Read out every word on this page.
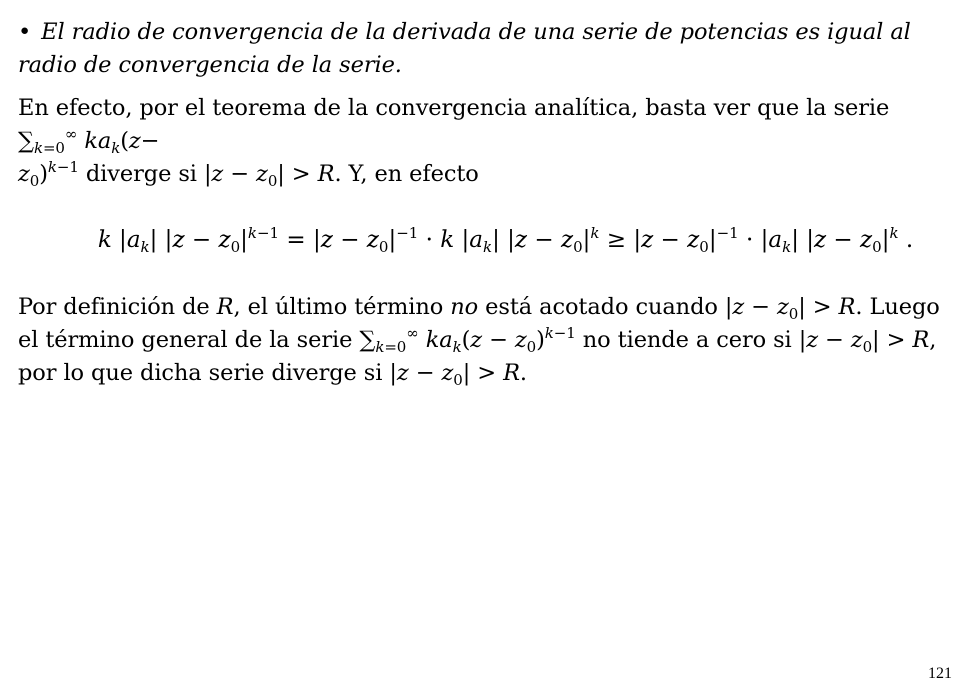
• El radio de convergencia de la derivada de una serie de potencias es igual al radio de convergencia de la serie.

En efecto, por el teorema de la convergencia analítica, basta ver que la serie $\sum_{k=0}^\infty$ $ka_k(z-$
$z_0)^{k-1}$ diverge si $|z - z_0| > R$. Y, en efecto

k $|a_k|$ $|z - z_0|^{k-1} = |z - z_0|^{-1} \cdot k$ $|a_k|$ $|z - z_0|^k \ge |z - z_0|^{-1} \cdot |a_k|$ $|z - z_0|^k$ .

Por definición de R, el último término no está acotado cuando $|z - z_0| > R$. Luego el término general de la serie $\sum_{k=0}^\infty$ $ka_k(z - z_0)^{k-1}$ no tiende a cero si $|z - z_0| > R$, por lo que dicha serie diverge si $|z - z_0| > R$.

121
